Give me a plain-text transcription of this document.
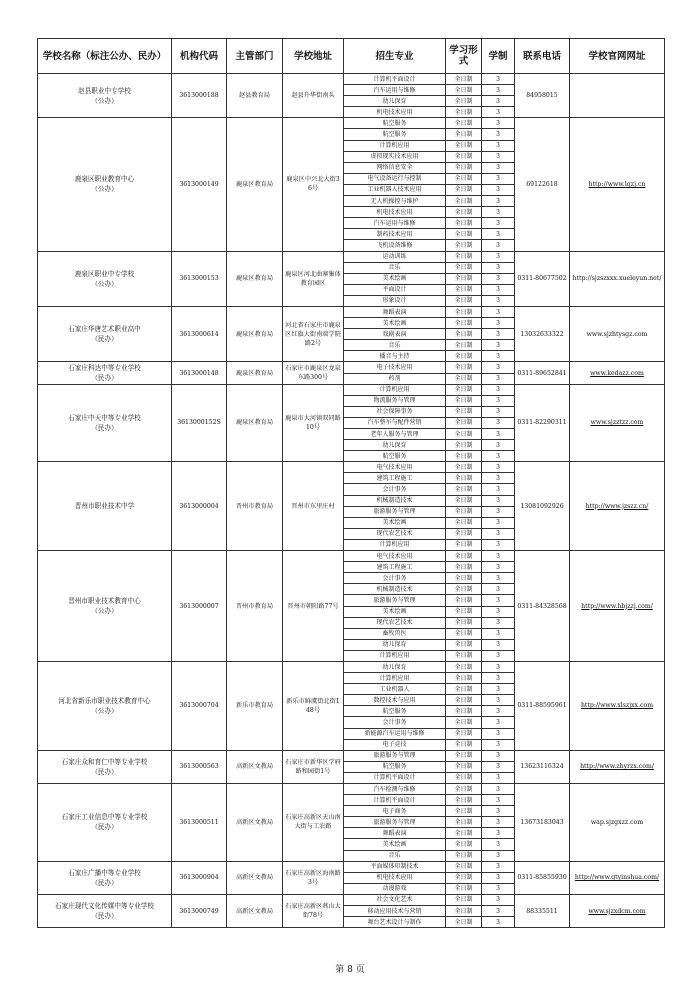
学校名称（标注公办、民办）	机构代码	主管部门	学校地址	招生专业	学习形式	学制	联系电话	学校官网网址

赵县职业中专学校
（公办）	3613000188	赵县教育局	赵县升华街南头	计算机平面设计	全日制	3	84958015	
				汽车运用与维修	全日制	3		
				幼儿保育	全日制	3		
				机电技术应用	全日制	3		

鹿泉区职业教育中心
（公办）	3613000149	鹿泉区教育局	鹿泉区中兴北大街36号	航空服务	全日制	3	69122618	http://www.lqzj.cn
				航空服务	全日制	3		
				计算机应用	全日制	3		
				虚拟现实技术应用	全日制	3		
				网络信息安全	全日制	3		
				电气设备运行与控制	全日制	3		
				工业机器人技术应用	全日制	3		
				无人机操控与维护	全日制	3		
				机电技术应用	全日制	3		
				汽车运用与维修	全日制	3		
				制药技术应用	全日制	3		
				飞机设备维修	全日制	3		

鹿泉区职业中专学校
（公办）	3613000153	鹿泉区教育局	鹿泉区河北曲寨集体教育园区	运动训练	全日制	3	0311-80677502	http://sjzszxxx.xueleyun.net/
				音乐	全日制	3		
				美术绘画	全日制	3		
				平面设计	全日制	3		
				形象设计	全日制	3		

石家庄华唐艺术职业高中
（民办）	3613000614	鹿泉区教育局	河北省石家庄市鹿泉区红旗大街南端学院路2号	舞蹈表演	全日制	3	13032633322	www.sjzhtysgz.com
				美术绘画	全日制	3		
				戏剧表演	全日制	3		
				音乐	全日制	3		
				播音与主持	全日制	3		

石家庄科达中等专业学校
（民办）	3613000148	鹿泉区教育局	石家庄市鹿泉区龙泉东路300号	电子技术应用	全日制	3	0311-89652841	www.kedazz.com
				药剂	全日制	3		

石家庄中天中等专业学校
（民办）	3613000152S	鹿泉区教育局	鹿泉市大河镇双同路10号	计算机应用	全日制	3	0311-82290311	www.sjzztzz.com
				物流服务与管理	全日制	3		
				社会保障事务	全日制	3		
				汽车整车与配件营销	全日制	3		
				老年人服务与管理	全日制	3		
				幼儿保育	全日制	3		
				航空服务	全日制	3		

晋州市职业技术中学	3613000004	晋州市教育局	晋州市东里庄村	电气技术应用	全日制	3	13081092926	http://www.jzszz.cn/
				建筑工程施工	全日制	3		
				会计事务	全日制	3		
				机械制造技术	全日制	3		
				旅游服务与管理	全日制	3		
				美术绘画	全日制	3		
				现代农艺技术	全日制	3		
				计算机应用	全日制	3		

晋州市职业技术教育中心
（公办）	3613000007	晋州市教育局	晋州市朝阳路77号	电气技术应用	全日制	3	0311-84328568	http://www.hbjzzj.com/
				建筑工程施工	全日制	3		
				会计事务	全日制	3		
				机械制造技术	全日制	3		
				旅游服务与管理	全日制	3		
				美术绘画	全日制	3		
				现代农艺技术	全日制	3		
				畜牧兽医	全日制	3		
				幼儿保育	全日制	3		
				计算机应用	全日制	3		

河北省新乐市职业技术教育中心
（公办）	3613000704	新乐市教育局	新乐市鲜虞街北街148号	幼儿保育	全日制	3	0311-88595961	http://www.xlszjxx.com
				计算机应用	全日制	3		
				工业机器人	全日制	3		
				数控技术与应用	全日制	3		
				航空服务	全日制	3		
				会计事务	全日制	3		
				新能源汽车运用与维修	全日制	3		
				电子竞技	全日制	3		

石家庄众和育仁中等专业学校
（民办）	3613000563	高新区文教局	石家庄市新华区学府路和园街1号	旅游服务与管理	全日制	3	13623116324	http://www.zhyrzx.com/
				航空服务	全日制	3		
				计算机平面设计	全日制	3		

石家庄工业信息中等专业学校
（民办）	3613000511	高新区文教局	石家庄高新区天山南大街与工农路	汽车检测与维修	全日制	3	13673183043	wap.sjzgxzz.com
				计算机平面设计	全日制	3		
				电子商务	全日制	3		
				旅游服务与管理	全日制	3		
				舞蹈表演	全日制	3		
				美术绘画	全日制	3		
				音乐	全日制	3		

石家庄广播中等专业学校
（民办）	3613000904	高新区文教局	石家庄高新区海南路3号	平面媒体印制技术	全日制	3	0311-85855930	http://www.gtyinshua.com/
				机电技术应用	全日制	3		
				动漫游戏	全日制	3		

石家庄现代文化传媒中等专业学校
（民办）	3613000749	高新区文教局	石家庄高新区燕山大街78号	社会文化艺术	全日制	3	88335511	www.sjzxdcm.com
				移动应用技术与营销	全日制	3		
				舞台艺术设计与制作	全日制	3		
第 8 页
